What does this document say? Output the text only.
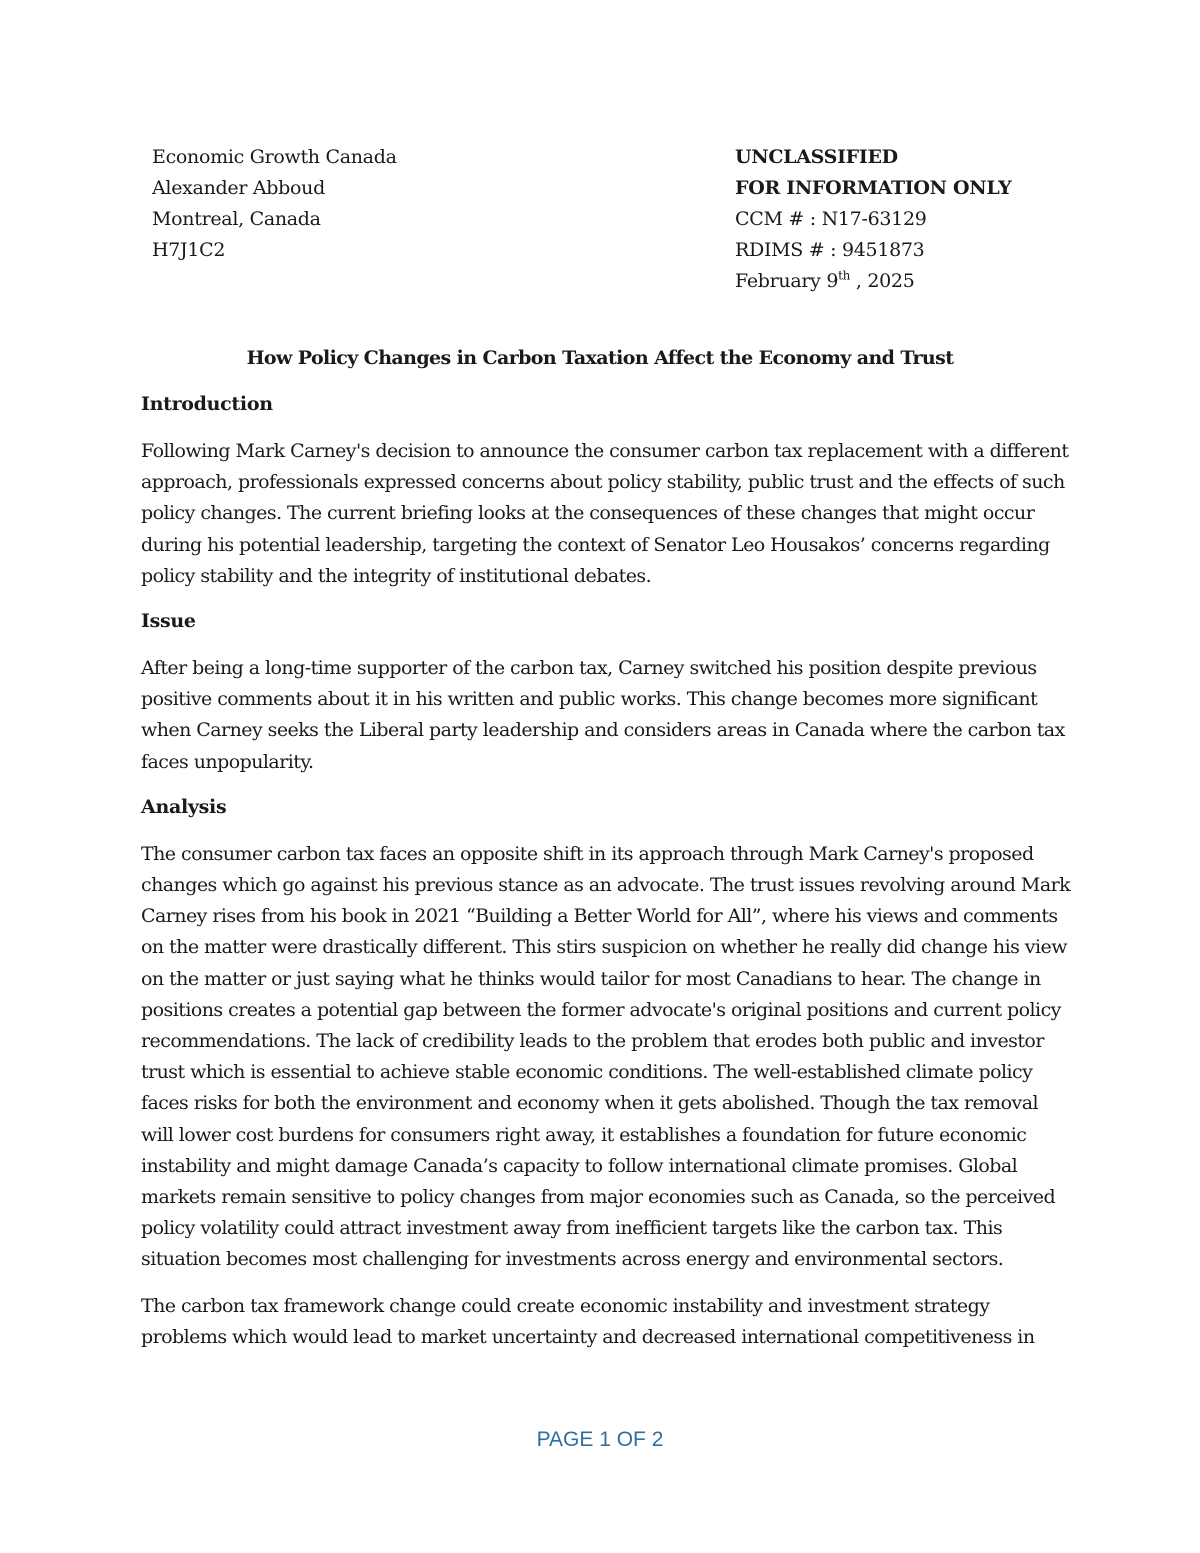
Economic Growth Canada
Alexander Abboud
Montreal, Canada
H7J1C2
UNCLASSIFIED
FOR INFORMATION ONLY
CCM # : N17-63129
RDIMS # : 9451873
February 9th , 2025
How Policy Changes in Carbon Taxation Affect the Economy and Trust
Introduction

Following Mark Carney's decision to announce the consumer carbon tax replacement with a different approach, professionals expressed concerns about policy stability, public trust and the effects of such policy changes. The current briefing looks at the consequences of these changes that might occur during his potential leadership, targeting the context of Senator Leo Housakos’ concerns regarding policy stability and the integrity of institutional debates.

Issue

After being a long-time supporter of the carbon tax, Carney switched his position despite previous positive comments about it in his written and public works. This change becomes more significant when Carney seeks the Liberal party leadership and considers areas in Canada where the carbon tax faces unpopularity.

Analysis

The consumer carbon tax faces an opposite shift in its approach through Mark Carney's proposed changes which go against his previous stance as an advocate. The trust issues revolving around Mark Carney rises from his book in 2021 “Building a Better World for All”, where his views and comments on the matter were drastically different. This stirs suspicion on whether he really did change his view on the matter or just saying what he thinks would tailor for most Canadians to hear. The change in positions creates a potential gap between the former advocate's original positions and current policy recommendations. The lack of credibility leads to the problem that erodes both public and investor trust which is essential to achieve stable economic conditions. The well-established climate policy faces risks for both the environment and economy when it gets abolished. Though the tax removal will lower cost burdens for consumers right away, it establishes a foundation for future economic instability and might damage Canada’s capacity to follow international climate promises. Global markets remain sensitive to policy changes from major economies such as Canada, so the perceived policy volatility could attract investment away from inefficient targets like the carbon tax. This situation becomes most challenging for investments across energy and environmental sectors.

The carbon tax framework change could create economic instability and investment strategy problems which would lead to market uncertainty and decreased international competitiveness in

PAGE 1 OF 2
